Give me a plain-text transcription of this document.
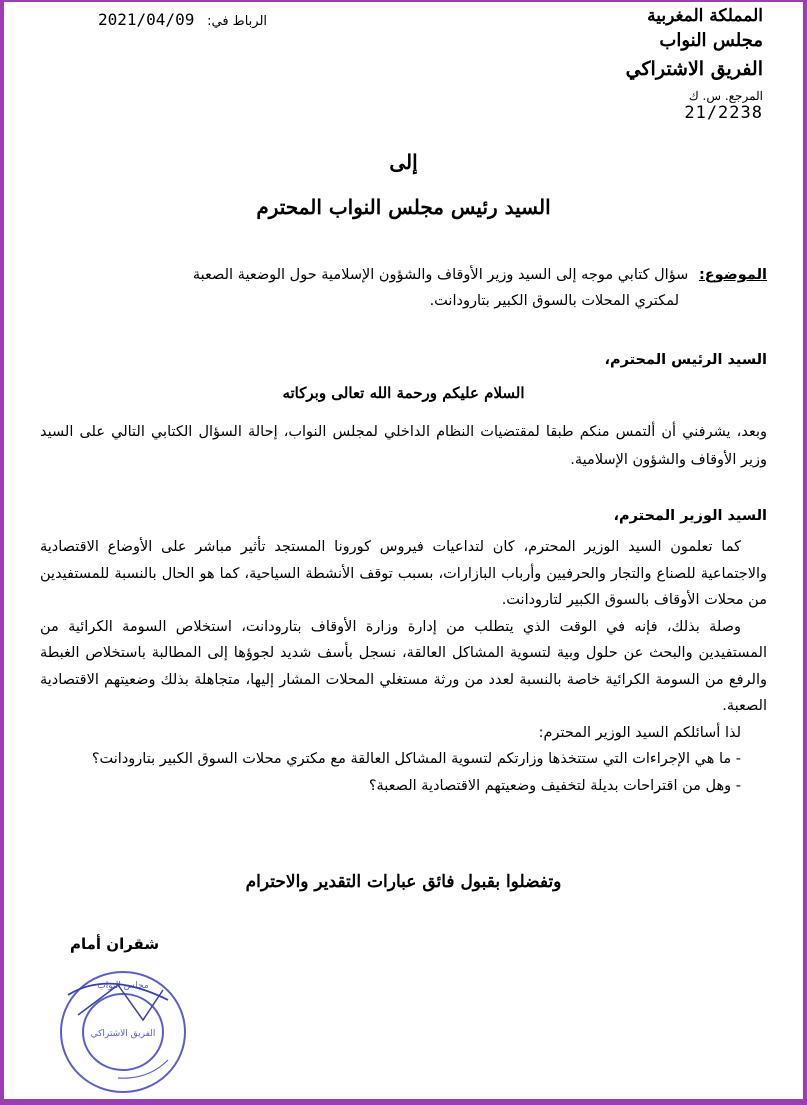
المملكة المغربية
مجلس النواب
الفريق الاشتراكي
المرجع. س. ك
21/2238
الرباط في: 2021/04/09
إلى
السيد رئيس مجلس النواب المحترم
الموضوع: سؤال كتابي موجه إلى السيد وزير الأوقاف والشؤون الإسلامية حول الوضعية الصعبة
لمكتري المحلات بالسوق الكبير بتارودانت.
السيد الرئيس المحترم،
السلام عليكم ورحمة الله تعالى وبركاته
وبعد، يشرفني أن ألتمس منكم طبقا لمقتضيات النظام الداخلي لمجلس النواب، إحالة السؤال الكتابي التالي على السيد وزير الأوقاف والشؤون الإسلامية.
السيد الوزير المحترم،

كما تعلمون السيد الوزير المحترم، كان لتداعيات فيروس كورونا المستجد تأثير مباشر على الأوضاع الاقتصادية والاجتماعية للصناع والتجار والحرفيين وأرباب البازارات، بسبب توقف الأنشطة السياحية، كما هو الحال بالنسبة للمستفيدين من محلات الأوقاف بالسوق الكبير لتارودانت.

وصلة بذلك، فإنه في الوقت الذي يتطلب من إدارة وزارة الأوقاف بتارودانت، استخلاص السومة الكرائية من المستفيدين والبحث عن حلول وبية لتسوية المشاكل العالقة، نسجل بأسف شديد لجوؤها إلى المطالبة باستخلاص الغبطة والرفع من السومة الكرائية خاصة بالنسبة لعدد من ورثة مستغلي المحلات المشار إليها، متجاهلة بذلك وضعيتهم الاقتصادية الصعبة.

لذا أسائلكم السيد الوزير المحترم:

- ما هي الإجراءات التي ستتخذها وزارتكم لتسوية المشاكل العالقة مع مكتري محلات السوق الكبير بتارودانت؟

- وهل من اقتراحات بديلة لتخفيف وضعيتهم الاقتصادية الصعبة؟

وتفضلوا بقبول فائق عبارات التقدير والاحترام
شقران أمام
مجلس النواب
الفريق الاشتراكي
